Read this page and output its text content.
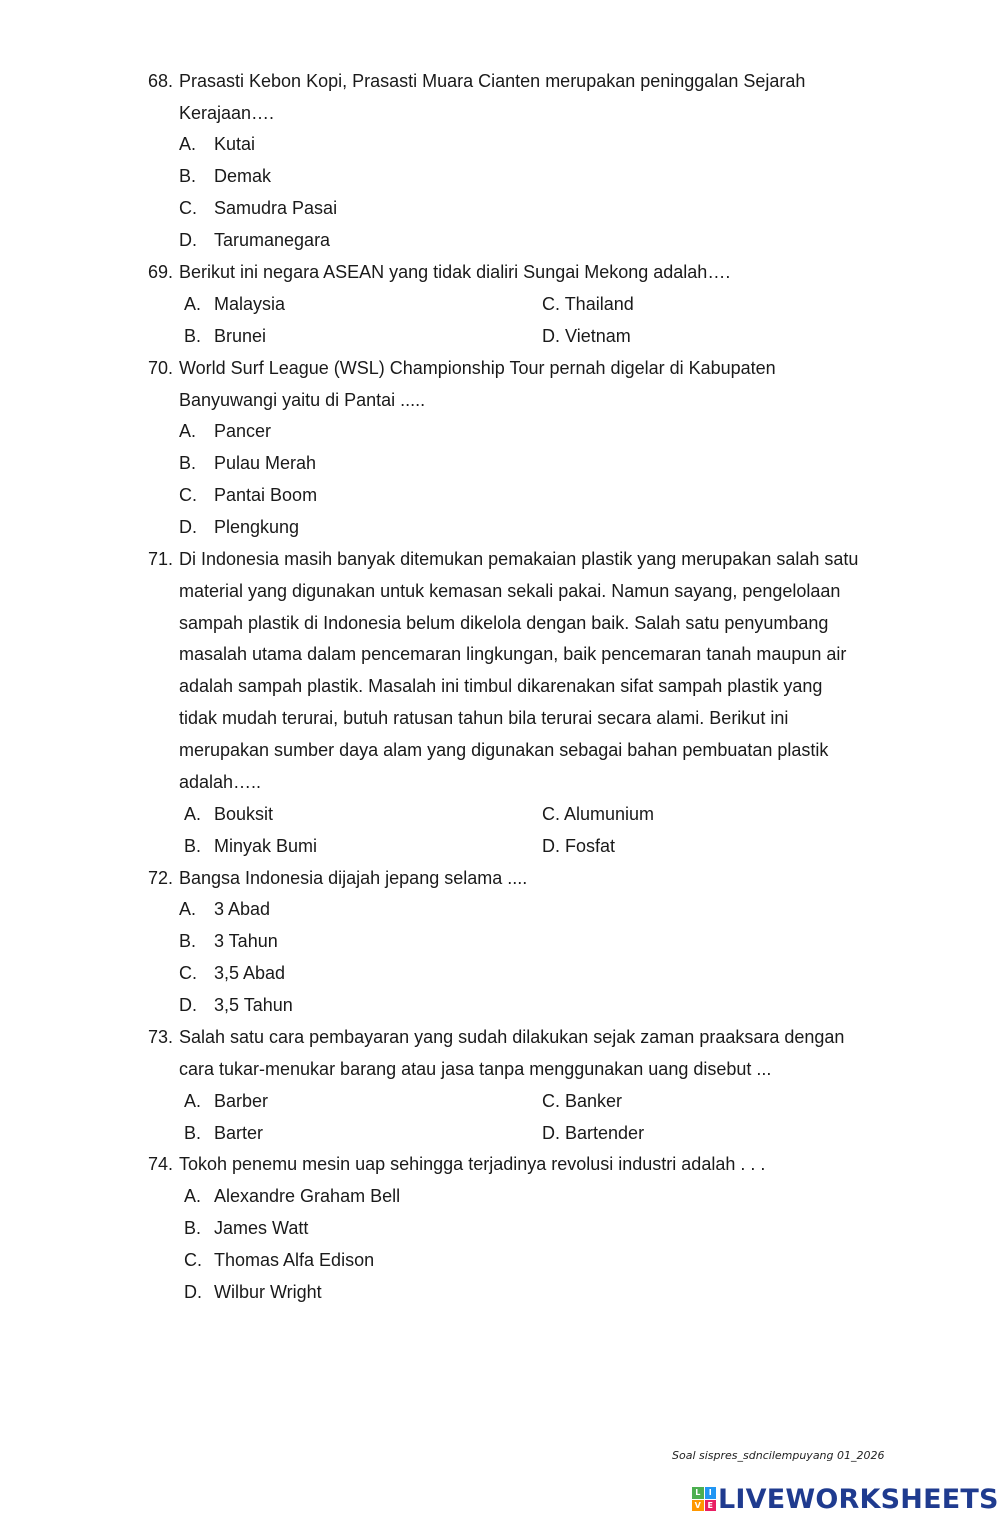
68. Prasasti Kebon Kopi, Prasasti Muara Cianten merupakan peninggalan Sejarah
Kerajaan….
A. Kutai
B. Demak
C. Samudra Pasai
D. Tarumanegara
69. Berikut ini negara ASEAN yang tidak dialiri Sungai Mekong adalah….
A. Malaysia	C. Thailand
B. Brunei	D. Vietnam
70. World Surf League (WSL) Championship Tour pernah digelar di Kabupaten
Banyuwangi yaitu di Pantai .....
A. Pancer
B. Pulau Merah
C. Pantai Boom
D. Plengkung
71. Di Indonesia masih banyak ditemukan pemakaian plastik yang merupakan salah satu
material yang digunakan untuk kemasan sekali pakai. Namun sayang, pengelolaan
sampah plastik di Indonesia belum dikelola dengan baik. Salah satu penyumbang
masalah utama dalam pencemaran lingkungan, baik pencemaran tanah maupun air
adalah sampah plastik. Masalah ini timbul dikarenakan sifat sampah plastik yang
tidak mudah terurai, butuh ratusan tahun bila terurai secara alami. Berikut ini
merupakan sumber daya alam yang digunakan sebagai bahan pembuatan plastik
adalah…..
A. Bouksit	C. Alumunium
B. Minyak Bumi	D. Fosfat
72. Bangsa Indonesia dijajah jepang selama ....
A. 3 Abad
B. 3 Tahun
C. 3,5 Abad
D. 3,5 Tahun
73. Salah satu cara pembayaran yang sudah dilakukan sejak zaman praaksara dengan
cara tukar-menukar barang atau jasa tanpa menggunakan uang disebut ...
A. Barber	C. Banker
B. Barter	D. Bartender
74. Tokoh penemu mesin uap sehingga terjadinya revolusi industri adalah . . .
A. Alexandre Graham Bell
B. James Watt
C. Thomas Alfa Edison
D. Wilbur Wright
Soal sispres_sdncilempuyang 01_2026
L	I
V E LIVEWORKSHEETS
